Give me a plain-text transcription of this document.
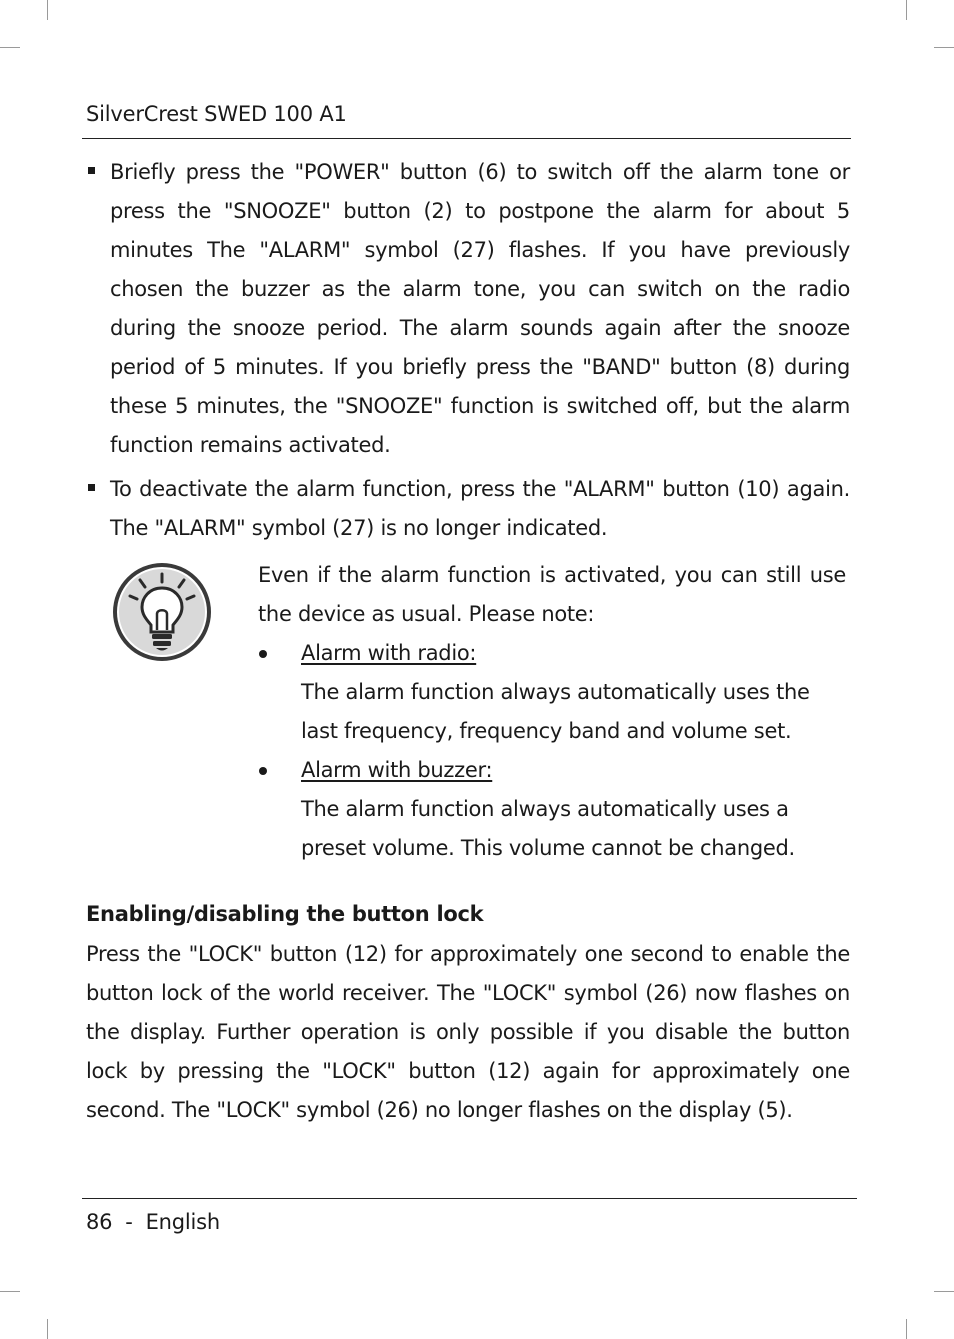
SilverCrest SWED 100 A1

Briefly press the "POWER" button (6) to switch off the alarm tone or press the "SNOOZE" button (2) to postpone the alarm for about 5 minutes The "ALARM" symbol (27) flashes. If you have previously chosen the buzzer as the alarm tone, you can switch on the radio during the snooze period. The alarm sounds again after the snooze period of 5 minutes. If you briefly press the "BAND" button (8) during these 5 minutes, the "SNOOZE" function is switched off, but the alarm function remains activated.

To deactivate the alarm function, press the "ALARM" button (10) again. The "ALARM" symbol (27) is no longer indicated.

Even if the alarm function is activated, you can still use the device as usual. Please note:

Alarm with radio:

The alarm function always automatically uses the last frequency, frequency band and volume set.

Alarm with buzzer:

The alarm function always automatically uses a preset volume. This volume cannot be changed.

Enabling/disabling the button lock

Press the "LOCK" button (12) for approximately one second to enable the button lock of the world receiver. The "LOCK" symbol (26) now flashes on the display. Further operation is only possible if you disable the button lock by pressing the "LOCK" button (12) again for approximately one second. The "LOCK" symbol (26) no longer flashes on the display (5).

86  -  English
